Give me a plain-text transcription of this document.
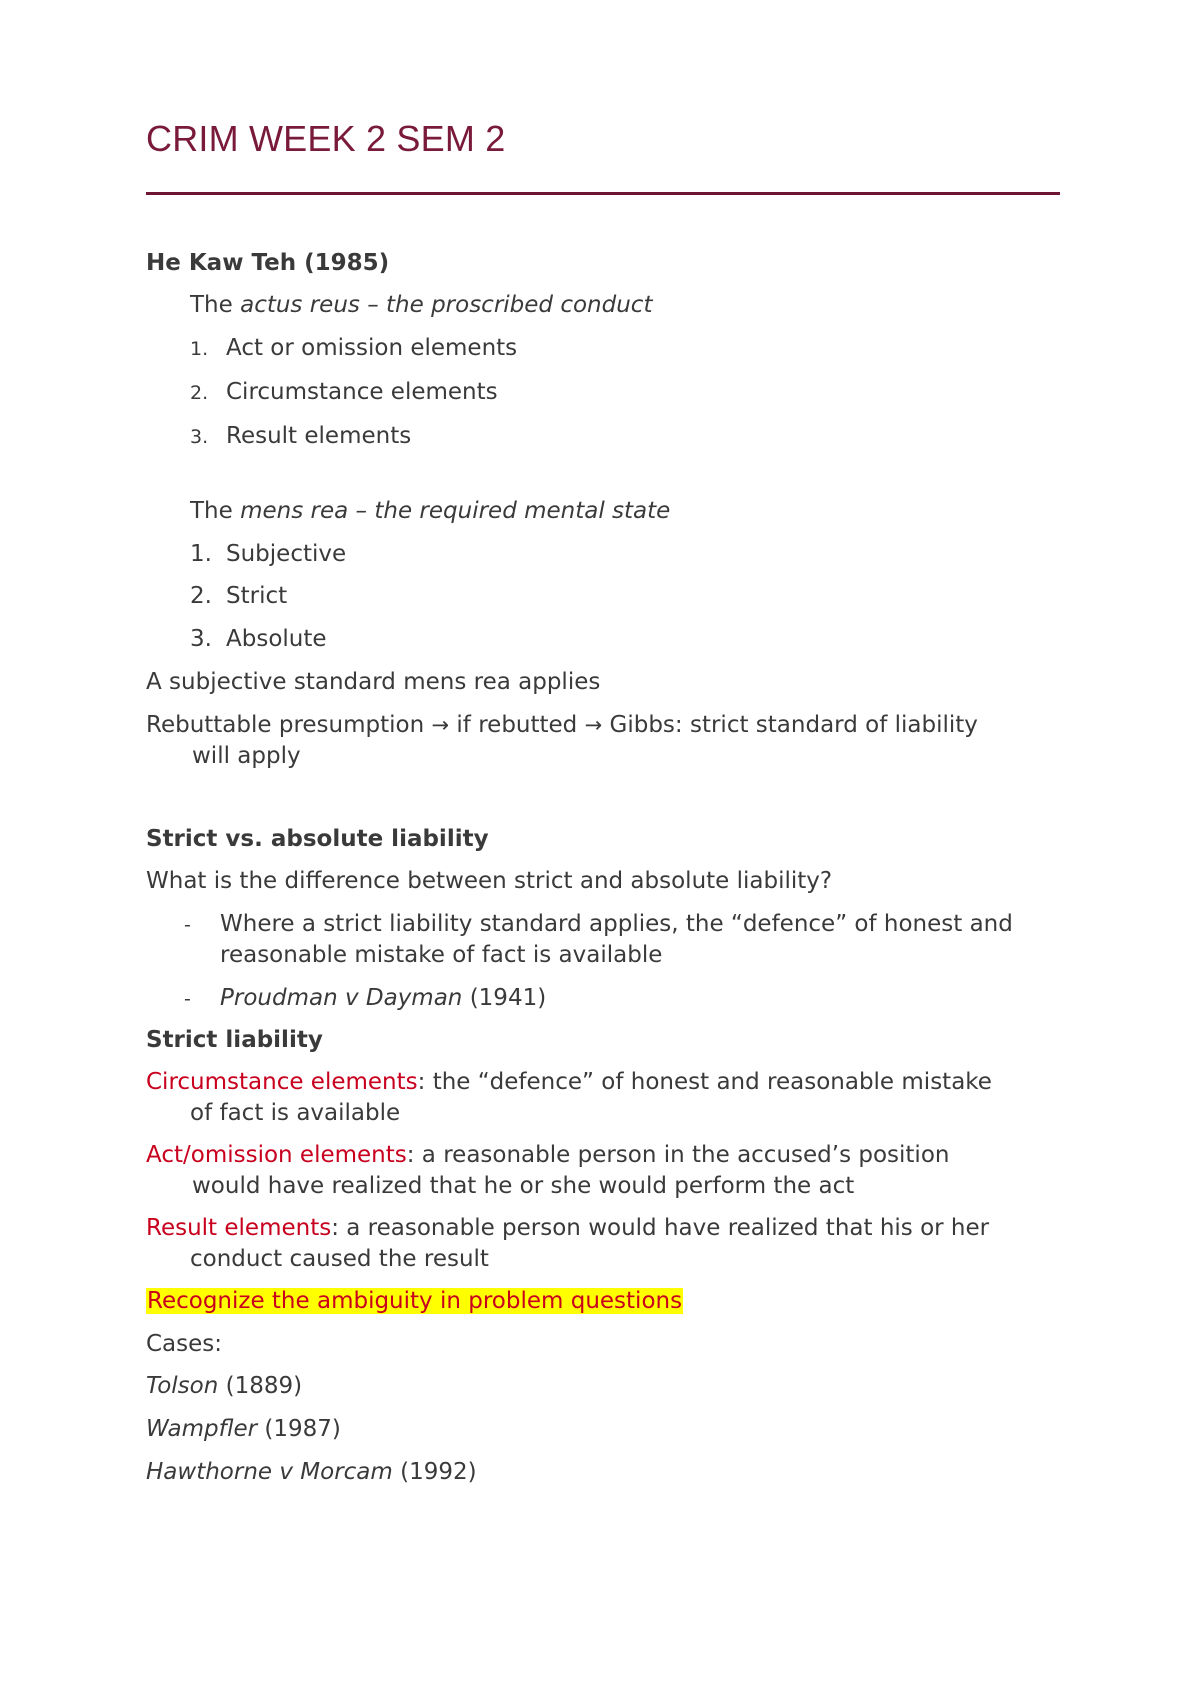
CRIM WEEK 2 SEM 2
He Kaw Teh (1985)
The actus reus – the proscribed conduct
1. Act or omission elements
2. Circumstance elements
3. Result elements
The mens rea – the required mental state
1. Subjective
2. Strict
3. Absolute
A subjective standard mens rea applies
Rebuttable presumption → if rebutted → Gibbs: strict standard of liability
will apply
Strict vs. absolute liability
What is the difference between strict and absolute liability?
- Where a strict liability standard applies, the “defence” of honest and
reasonable mistake of fact is available
- Proudman v Dayman (1941)
Strict liability
Circumstance elements: the “defence” of honest and reasonable mistake
of fact is available
Act/omission elements: a reasonable person in the accused’s position
would have realized that he or she would perform the act
Result elements: a reasonable person would have realized that his or her
conduct caused the result
Recognize the ambiguity in problem questions
Cases:
Tolson (1889)
Wampfler (1987)
Hawthorne v Morcam (1992)
